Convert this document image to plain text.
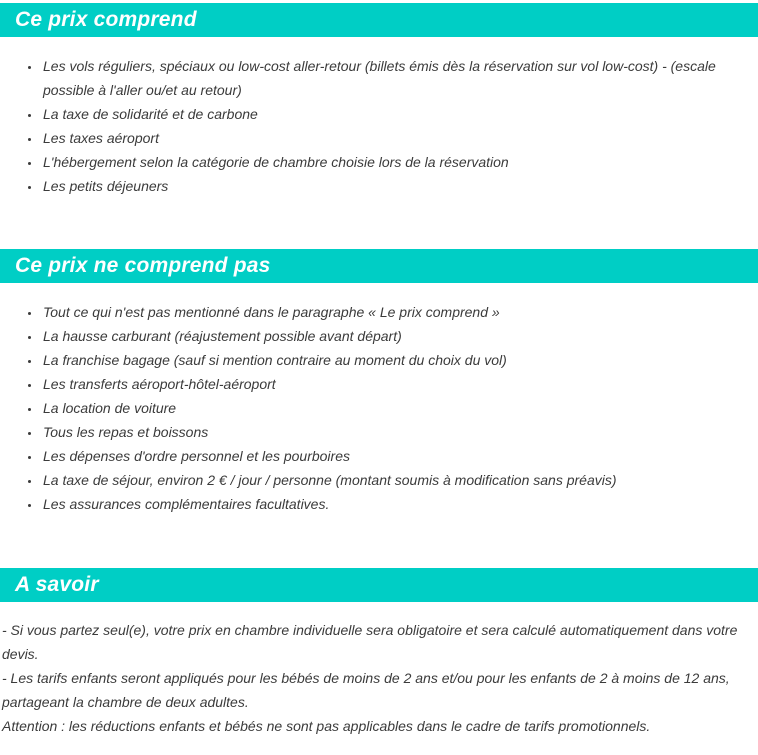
Ce prix comprend
• Les vols réguliers, spéciaux ou low-cost aller-retour (billets émis dès la réservation sur vol low-cost) - (escale possible à l'aller ou/et au retour)
• La taxe de solidarité et de carbone
• Les taxes aéroport
• L'hébergement selon la catégorie de chambre choisie lors de la réservation
• Les petits déjeuners
Ce prix ne comprend pas
• Tout ce qui n'est pas mentionné dans le paragraphe « Le prix comprend »
• La hausse carburant (réajustement possible avant départ)
• La franchise bagage (sauf si mention contraire au moment du choix du vol)
• Les transferts aéroport-hôtel-aéroport
• La location de voiture
• Tous les repas et boissons
• Les dépenses d'ordre personnel et les pourboires
• La taxe de séjour, environ 2 € / jour / personne (montant soumis à modification sans préavis)
• Les assurances complémentaires facultatives.
A savoir

- Si vous partez seul(e), votre prix en chambre individuelle sera obligatoire et sera calculé automatiquement dans votre devis.

- Les tarifs enfants seront appliqués pour les bébés de moins de 2 ans et/ou pour les enfants de 2 à moins de 12 ans, partageant la chambre de deux adultes.

Attention : les réductions enfants et bébés ne sont pas applicables dans le cadre de tarifs promotionnels.
